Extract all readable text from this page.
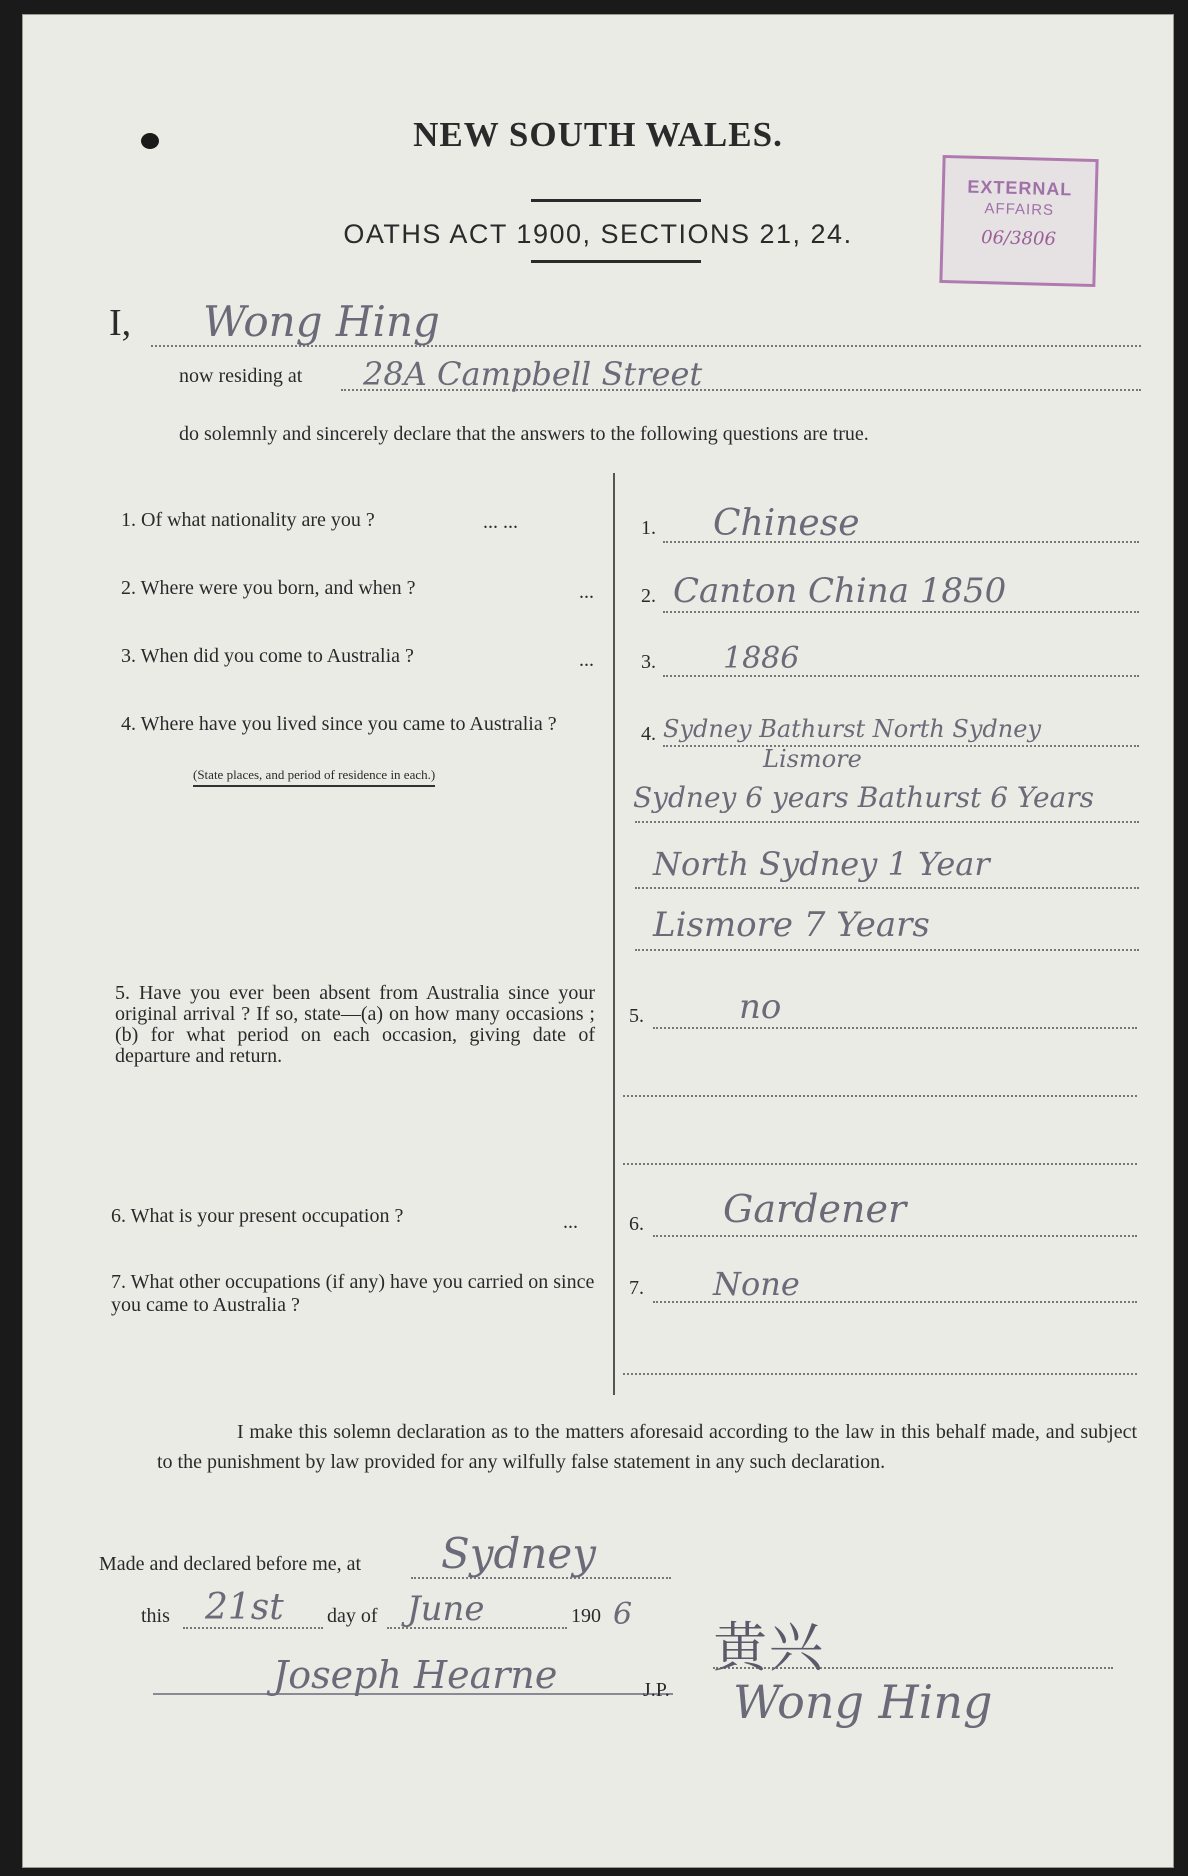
NEW SOUTH WALES.
OATHS ACT 1900, SECTIONS 21, 24.
EXTERNAL
AFFAIRS
06/3806
I, Wong Hing
now residing at 28A Campbell Street
do solemnly and sincerely declare that the answers to the following questions are true.
1. Of what nationality are you ?	... ...	1. Chinese
2. Where were you born, and when ?	... 2. Canton China 1850
3. When did you come to Australia ?	... 3. 1886
4. Where have you lived since you came to Australia ?
(State places, and period of residence in each.)
4. Sydney Bathurst North Sydney
Lismore
Sydney 6 years Bathurst 6 Years
North Sydney 1 Year
Lismore 7 Years
5. Have you ever been absent from Australia since your original arrival ? If so, state—(a) on how many occasions ; (b) for what period on each occasion, giving date of departure and return.
5.	no
6. What is your present occupation ?	...	6. Gardener
7. What other occupations (if any) have you carried on since you came to Australia ?
7. None
I make this solemn declaration as to the matters aforesaid according to the law in this behalf made, and subject to the punishment by law provided for any wilfully false statement in any such declaration.
Made and declared before me, at Sydney
this 21st day of June	190 6
Joseph Hearne	J.P.
黄兴
Wong Hing
